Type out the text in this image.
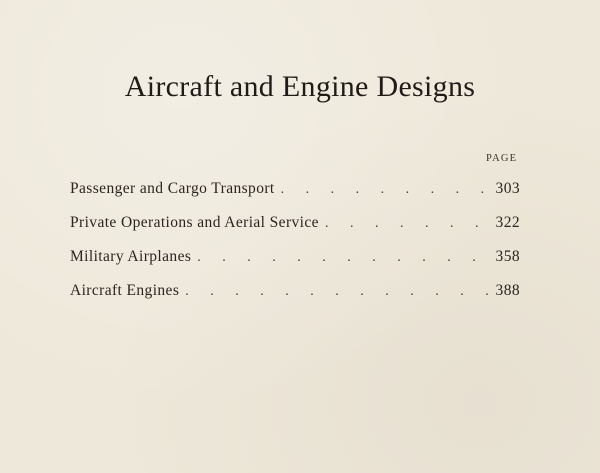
Aircraft and Engine Designs
PAGE
Passenger and Cargo Transport . . .	303
Private Operations and Aerial Service . . .	322
Military Airplanes . . .	358
Aircraft Engines . . .	388
